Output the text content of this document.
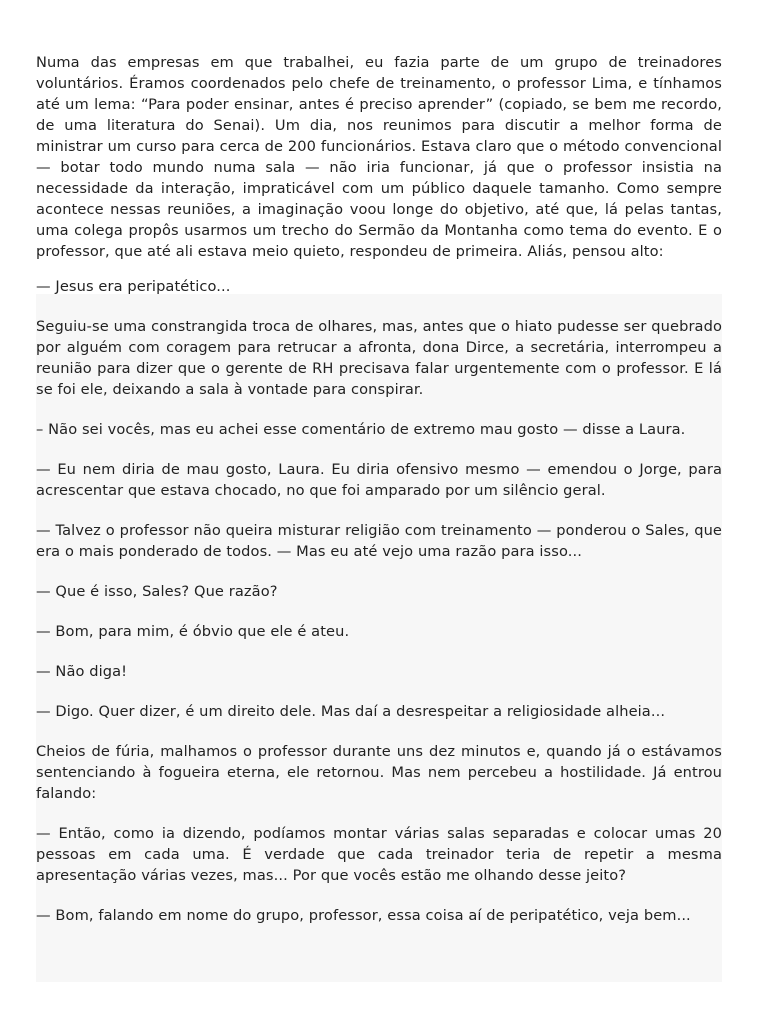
Numa das empresas em que trabalhei, eu fazia parte de um grupo de treinadores voluntários. Éramos coordenados pelo chefe de treinamento, o professor Lima, e tínhamos até um lema: “Para poder ensinar, antes é preciso aprender” (copiado, se bem me recordo, de uma literatura do Senai). Um dia, nos reunimos para discutir a melhor forma de ministrar um curso para cerca de 200 funcionários. Estava claro que o método convencional — botar todo mundo numa sala — não iria funcionar, já que o professor insistia na necessidade da interação, impraticável com um público daquele tamanho. Como sempre acontece nessas reuniões, a imaginação voou longe do objetivo, até que, lá pelas tantas, uma colega propôs usarmos um trecho do Sermão da Montanha como tema do evento. E o professor, que até ali estava meio quieto, respondeu de primeira. Aliás, pensou alto:

— Jesus era peripatético...

Seguiu-se uma constrangida troca de olhares, mas, antes que o hiato pudesse ser quebrado por alguém com coragem para retrucar a afronta, dona Dirce, a secretária, interrompeu a reunião para dizer que o gerente de RH precisava falar urgentemente com o professor. E lá se foi ele, deixando a sala à vontade para conspirar.

– Não sei vocês, mas eu achei esse comentário de extremo mau gosto — disse a Laura.

— Eu nem diria de mau gosto, Laura. Eu diria ofensivo mesmo — emendou o Jorge, para acrescentar que estava chocado, no que foi amparado por um silêncio geral.

— Talvez o professor não queira misturar religião com treinamento — ponderou o Sales, que era o mais ponderado de todos. — Mas eu até vejo uma razão para isso...

— Que é isso, Sales? Que razão?

— Bom, para mim, é óbvio que ele é ateu.

— Não diga!

— Digo. Quer dizer, é um direito dele. Mas daí a desrespeitar a religiosidade alheia...

Cheios de fúria, malhamos o professor durante uns dez minutos e, quando já o estávamos sentenciando à fogueira eterna, ele retornou. Mas nem percebeu a hostilidade. Já entrou falando:

— Então, como ia dizendo, podíamos montar várias salas separadas e colocar umas 20 pessoas em cada uma. É verdade que cada treinador teria de repetir a mesma apresentação várias vezes, mas... Por que vocês estão me olhando desse jeito?

— Bom, falando em nome do grupo, professor, essa coisa aí de peripatético, veja bem...
